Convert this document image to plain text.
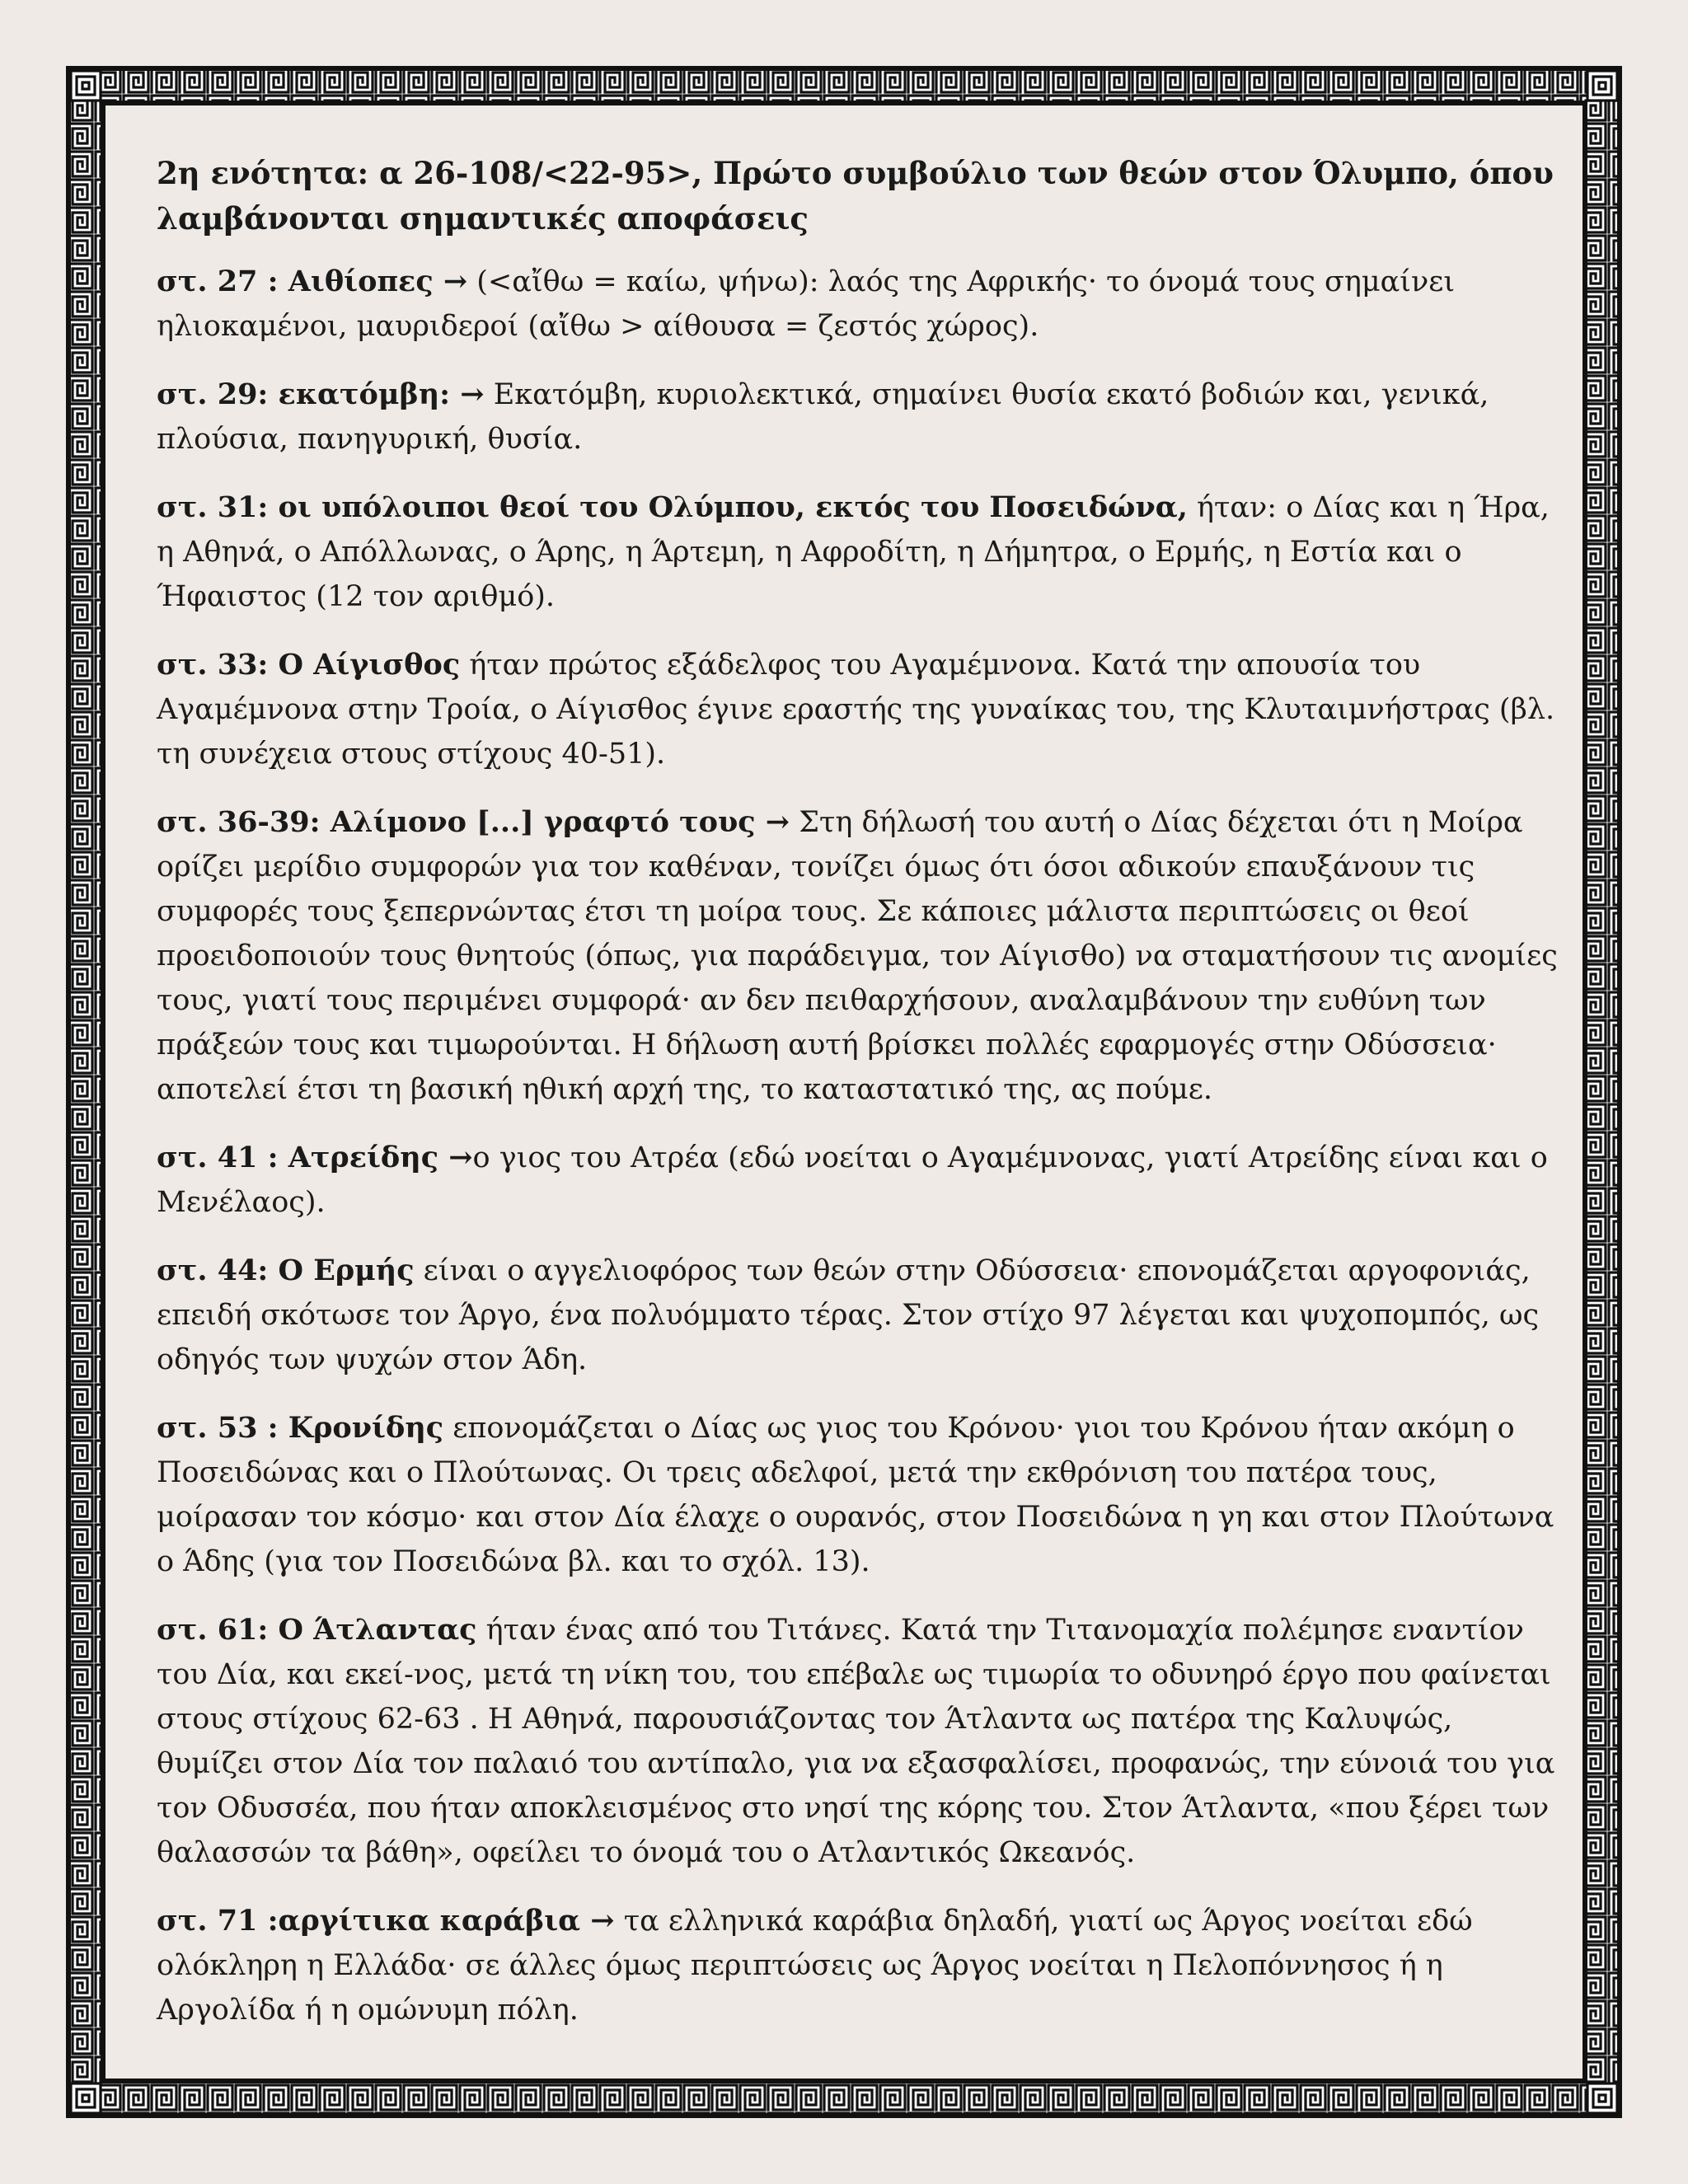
2η ενότητα: α 26-108/<22-95>, Πρώτο συμβούλιο των θεών στον Όλυμπο, όπου λαμβάνονται σημαντικές αποφάσεις

στ. 27 : Αιθίοπες → (<αἴθω = καίω, ψήνω): λαός της Αφρικής· το όνομά τους σημαίνει ηλιοκαμένοι, μαυριδεροί (αἴθω > αίθουσα = ζεστός χώρος).

στ. 29: εκατόμβη: → Εκατόμβη, κυριολεκτικά, σημαίνει θυσία εκατό βοδιών και, γενικά, πλούσια, πανηγυρική, θυσία.

στ. 31: οι υπόλοιποι θεοί του Ολύμπου, εκτός του Ποσειδώνα, ήταν: ο Δίας και η Ήρα, η Αθηνά, ο Απόλλωνας, ο Άρης, η Άρτεμη, η Αφροδίτη, η Δήμητρα, ο Ερμής, η Εστία και ο Ήφαιστος (12 τον αριθμό).

στ. 33: Ο Αίγισθος ήταν πρώτος εξάδελφος του Αγαμέμνονα. Κατά την απουσία του Αγαμέμνονα στην Τροία, ο Αίγισθος έγινε εραστής της γυναίκας του, της Κλυταιμνήστρας (βλ. τη συνέχεια στους στίχους 40-51).

στ. 36-39: Αλίμονο [...] γραφτό τους → Στη δήλωσή του αυτή ο Δίας δέχεται ότι η Μοίρα ορίζει μερίδιο συμφορών για τον καθέναν, τονίζει όμως ότι όσοι αδικούν επαυξάνουν τις συμφορές τους ξεπερνώντας έτσι τη μοίρα τους. Σε κάποιες μάλιστα περιπτώσεις οι θεοί προειδοποιούν τους θνητούς (όπως, για παράδειγμα, τον Αίγισθο) να σταματήσουν τις ανομίες τους, γιατί τους περιμένει συμφορά· αν δεν πειθαρχήσουν, αναλαμβάνουν την ευθύνη των πράξεών τους και τιμωρούνται. Η δήλωση αυτή βρίσκει πολλές εφαρμογές στην Οδύσσεια· αποτελεί έτσι τη βασική ηθική αρχή της, το καταστατικό της, ας πούμε.

στ. 41 : Ατρείδης →ο γιος του Ατρέα (εδώ νοείται ο Αγαμέμνονας, γιατί Ατρείδης είναι και ο Μενέλαος).

στ. 44: Ο Ερμής είναι ο αγγελιοφόρος των θεών στην Οδύσσεια· επονομάζεται αργοφονιάς, επειδή σκότωσε τον Άργο, ένα πολυόμματο τέρας. Στον στίχο 97 λέγεται και ψυχοπομπός, ως οδηγός των ψυχών στον Άδη.

στ. 53 : Κρονίδης επονομάζεται ο Δίας ως γιος του Κρόνου· γιοι του Κρόνου ήταν ακόμη ο Ποσειδώνας και ο Πλούτωνας. Οι τρεις αδελφοί, μετά την εκθρόνιση του πατέρα τους, μοίρασαν τον κόσμο· και στον Δία έλαχε ο ουρανός, στον Ποσειδώνα η γη και στον Πλούτωνα ο Άδης (για τον Ποσειδώνα βλ. και το σχόλ. 13).

στ. 61: Ο Άτλαντας ήταν ένας από του Τιτάνες. Κατά την Τιτανομαχία πολέμησε εναντίον του Δία, και εκεί-νος, μετά τη νίκη του, του επέβαλε ως τιμωρία το οδυνηρό έργο που φαίνεται στους στίχους 62-63 . Η Αθηνά, παρουσιάζοντας τον Άτλαντα ως πατέρα της Καλυψώς, θυμίζει στον Δία τον παλαιό του αντίπαλο, για να εξασφαλίσει, προφανώς, την εύνοιά του για τον Οδυσσέα, που ήταν αποκλεισμένος στο νησί της κόρης του. Στον Άτλαντα, «που ξέρει των θαλασσών τα βάθη», οφείλει το όνομά του ο Ατλαντικός Ωκεανός.

στ. 71 :αργίτικα καράβια → τα ελληνικά καράβια δηλαδή, γιατί ως Άργος νοείται εδώ ολόκληρη η Ελλάδα· σε άλλες όμως περιπτώσεις ως Άργος νοείται η Πελοπόννησος ή η Αργολίδα ή η ομώνυμη πόλη.
